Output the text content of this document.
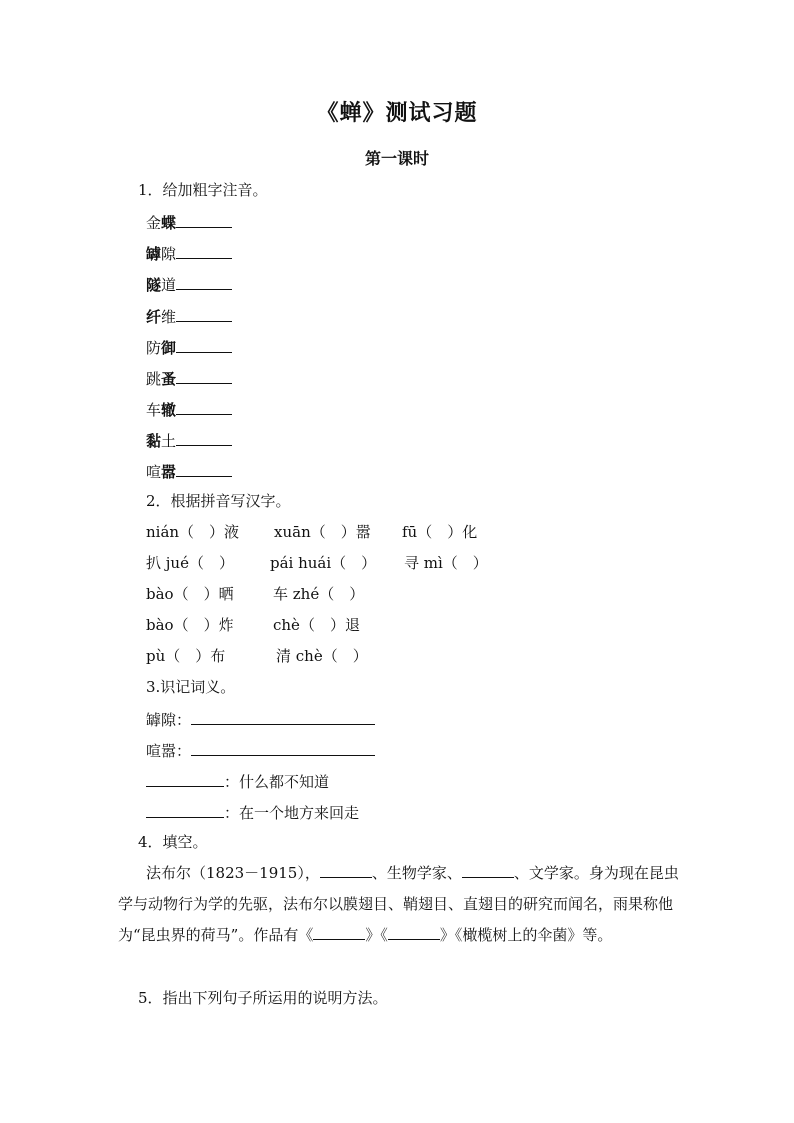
《蝉》测试习题
第一课时
1．给加粗字注音。
金蝶
罅隙
隧道
纤维
防御
跳蚤
车辙
黏土
喧嚣
2．根据拼音写汉字。
nián（　）液 xuān（　）嚣 fū（　）化
扒 jué（　） pái huái（　） 寻 mì（　）
bào（　）晒	车 zhé（　）
bào（　）炸	chè（　）退
pù（　）布	清 chè（　）
3.识记词义。
罅隙：
喧嚣：
：什么都不知道
：在一个地方来回走
4．填空。
法布尔（1823－1915），	、生物学家、	、文学家。身为现在昆虫学与动物行为学的先驱，法布尔以膜翅目、鞘翅目、直翅目的研究而闻名，雨果称他为“昆虫界的荷马”。作品有《	》《	》《橄榄树上的伞菌》等。
5．指出下列句子所运用的说明方法。
